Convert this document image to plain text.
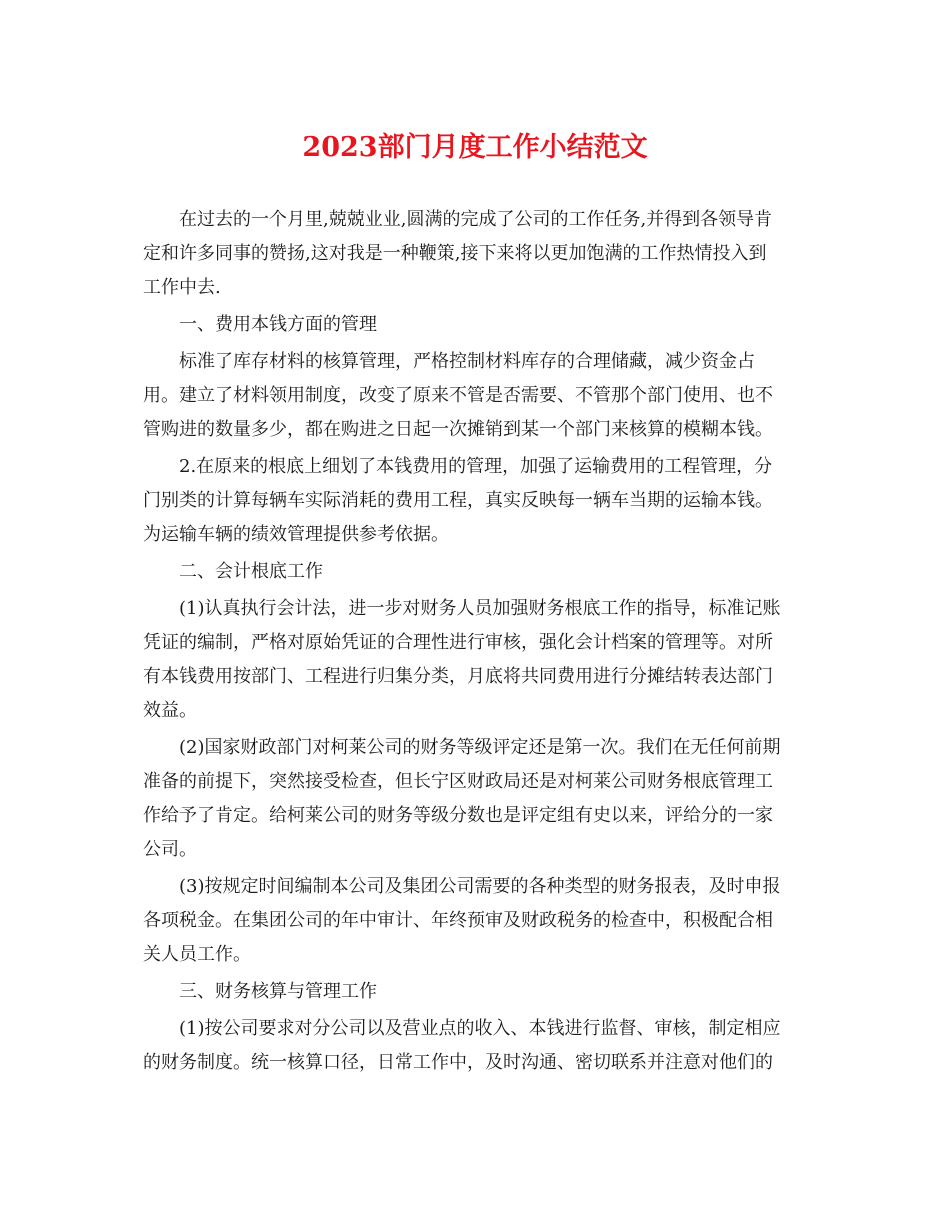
2023部门月度工作小结范文
在过去的一个月里,兢兢业业,圆满的完成了公司的工作任务,并得到各领导肯
定和许多同事的赞扬,这对我是一种鞭策,接下来将以更加饱满的工作热情投入到
工作中去.
一、费用本钱方面的管理
标准了库存材料的核算管理，严格控制材料库存的合理储藏，减少资金占
用。建立了材料领用制度，改变了原来不管是否需要、不管那个部门使用、也不
管购进的数量多少，都在购进之日起一次摊销到某一个部门来核算的模糊本钱。
2.在原来的根底上细划了本钱费用的管理，加强了运输费用的工程管理，分
门别类的计算每辆车实际消耗的费用工程，真实反映每一辆车当期的运输本钱。
为运输车辆的绩效管理提供参考依据。
二、会计根底工作
(1)认真执行会计法，进一步对财务人员加强财务根底工作的指导，标准记账
凭证的编制，严格对原始凭证的合理性进行审核，强化会计档案的管理等。对所
有本钱费用按部门、工程进行归集分类，月底将共同费用进行分摊结转表达部门
效益。
(2)国家财政部门对柯莱公司的财务等级评定还是第一次。我们在无任何前期
准备的前提下，突然接受检查，但长宁区财政局还是对柯莱公司财务根底管理工
作给予了肯定。给柯莱公司的财务等级分数也是评定组有史以来，评给分的一家
公司。
(3)按规定时间编制本公司及集团公司需要的各种类型的财务报表，及时申报
各项税金。在集团公司的年中审计、年终预审及财政税务的检查中，积极配合相
关人员工作。
三、财务核算与管理工作
(1)按公司要求对分公司以及营业点的收入、本钱进行监督、审核，制定相应
的财务制度。统一核算口径，日常工作中，及时沟通、密切联系并注意对他们的
